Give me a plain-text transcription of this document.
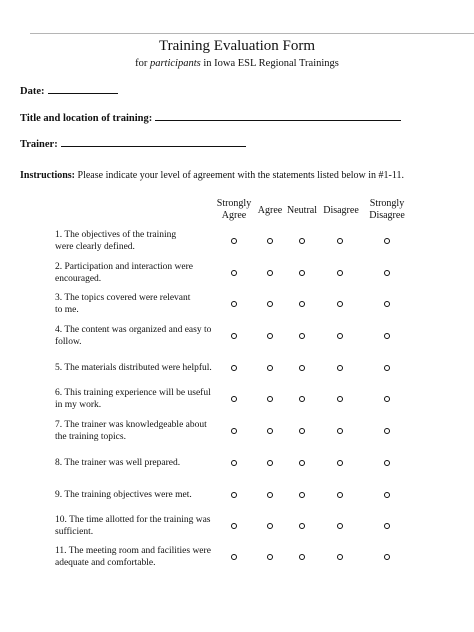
Training Evaluation Form
for participants in Iowa ESL Regional Trainings
Date:
Title and location of training:
Trainer:
Instructions: Please indicate your level of agreement with the statements listed below in #1-11.
Strongly
Agree	Agree Neutral Disagree
Strongly
Disagree
1. The objectives of the training
were clearly defined.
2. Participation and interaction were
encouraged.
3. The topics covered were relevant
to me.
4. The content was organized and easy to
follow.
5. The materials distributed were helpful.
6. This training experience will be useful
in my work.
7. The trainer was knowledgeable about
the training topics.
8. The trainer was well prepared.
9. The training objectives were met.
10. The time allotted for the training was
sufficient.
11. The meeting room and facilities were
adequate and comfortable.
